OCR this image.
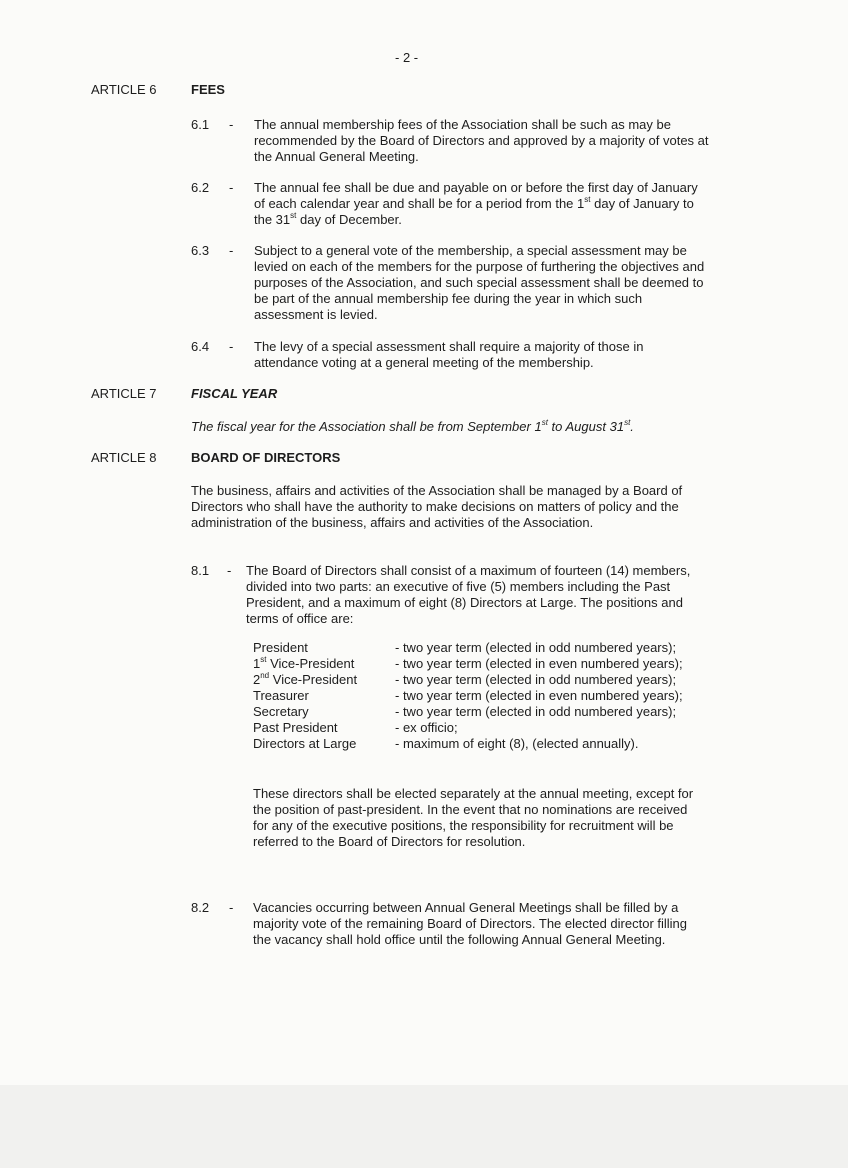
- 2 -
ARTICLE 6	FEES
6.1 - The annual membership fees of the Association shall be such as may be
recommended by the Board of Directors and approved by a majority of votes at
the Annual General Meeting.
6.2 - The annual fee shall be due and payable on or before the first day of January
of each calendar year and shall be for a period from the 1st day of January to
the 31st day of December.
6.3 - Subject to a general vote of the membership, a special assessment may be
levied on each of the members for the purpose of furthering the objectives and
purposes of the Association, and such special assessment shall be deemed to
be part of the annual membership fee during the year in which such
assessment is levied.
6.4 - The levy of a special assessment shall require a majority of those in
attendance voting at a general meeting of the membership.
ARTICLE 7	FISCAL YEAR
The fiscal year for the Association shall be from September 1st to August 31st.
ARTICLE 8	BOARD OF DIRECTORS
The business, affairs and activities of the Association shall be managed by a Board of
Directors who shall have the authority to make decisions on matters of policy and the
administration of the business, affairs and activities of the Association.
8.1 - The Board of Directors shall consist of a maximum of fourteen (14) members,
divided into two parts: an executive of five (5) members including the Past
President, and a maximum of eight (8) Directors at Large. The positions and
terms of office are:
President	- two year term (elected in odd numbered years);
1st Vice-President	- two year term (elected in even numbered years);
2nd Vice-President	- two year term (elected in odd numbered years);
Treasurer	- two year term (elected in even numbered years);
Secretary	- two year term (elected in odd numbered years);
Past President	- ex officio;
Directors at Large	- maximum of eight (8), (elected annually).
These directors shall be elected separately at the annual meeting, except for
the position of past-president. In the event that no nominations are received
for any of the executive positions, the responsibility for recruitment will be
referred to the Board of Directors for resolution.
8.2 - Vacancies occurring between Annual General Meetings shall be filled by a
majority vote of the remaining Board of Directors. The elected director filling
the vacancy shall hold office until the following Annual General Meeting.
